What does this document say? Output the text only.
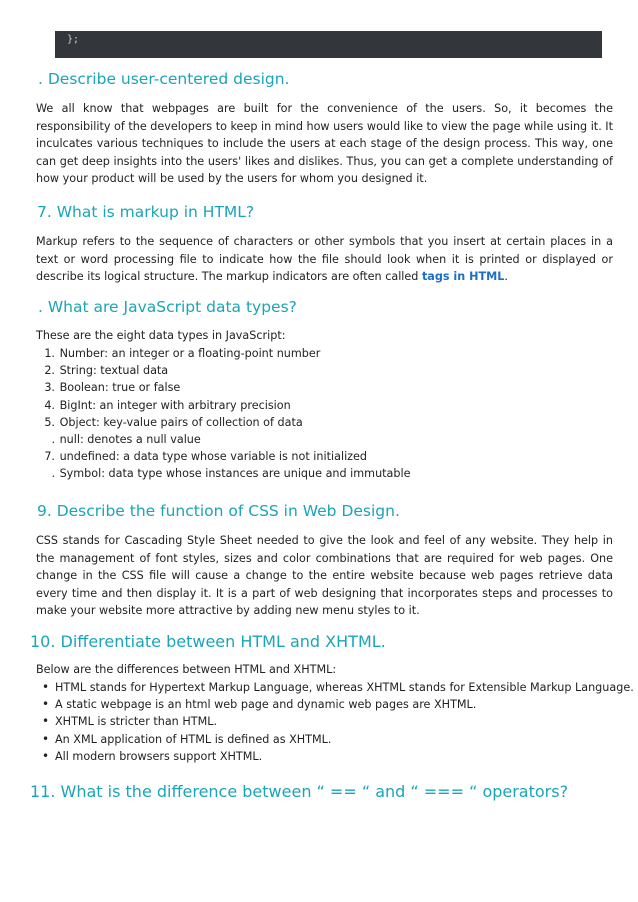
};
. Describe user-centered design.

We all know that webpages are built for the convenience of the users. So, it becomes the responsibility of the developers to keep in mind how users would like to view the page while using it. It inculcates various techniques to include the users at each stage of the design process. This way, one can get deep insights into the users' likes and dislikes. Thus, you can get a complete understanding of how your product will be used by the users for whom you designed it.

7. What is markup in HTML?

Markup refers to the sequence of characters or other symbols that you insert at certain places in a text or word processing file to indicate how the file should look when it is printed or displayed or describe its logical structure. The markup indicators are often called tags in HTML.

. What are JavaScript data types?

These are the eight data types in JavaScript:

1.
Number: an integer or a floating-point number
2.
String: textual data
3.
Boolean: true or false
4.
BigInt: an integer with arbitrary precision
5.
Object: key-value pairs of collection of data
.
null: denotes a null value
7.
undefined: a data type whose variable is not initialized
.
Symbol: data type whose instances are unique and immutable
9. Describe the function of CSS in Web Design.

CSS stands for Cascading Style Sheet needed to give the look and feel of any website. They help in the management of font styles, sizes and color combinations that are required for web pages. One change in the CSS file will cause a change to the entire website because web pages retrieve data every time and then display it. It is a part of web designing that incorporates steps and processes to make your website more attractive by adding new menu styles to it.

10. Differentiate between HTML and XHTML.

Below are the differences between HTML and XHTML:

• HTML stands for Hypertext Markup Language, whereas XHTML stands for Extensible Markup Language.
• A static webpage is an html web page and dynamic web pages are XHTML.
• XHTML is stricter than HTML.
• An XML application of HTML is defined as XHTML.
• All modern browsers support XHTML.
11. What is the difference between “ == “ and “ === “ operators?
